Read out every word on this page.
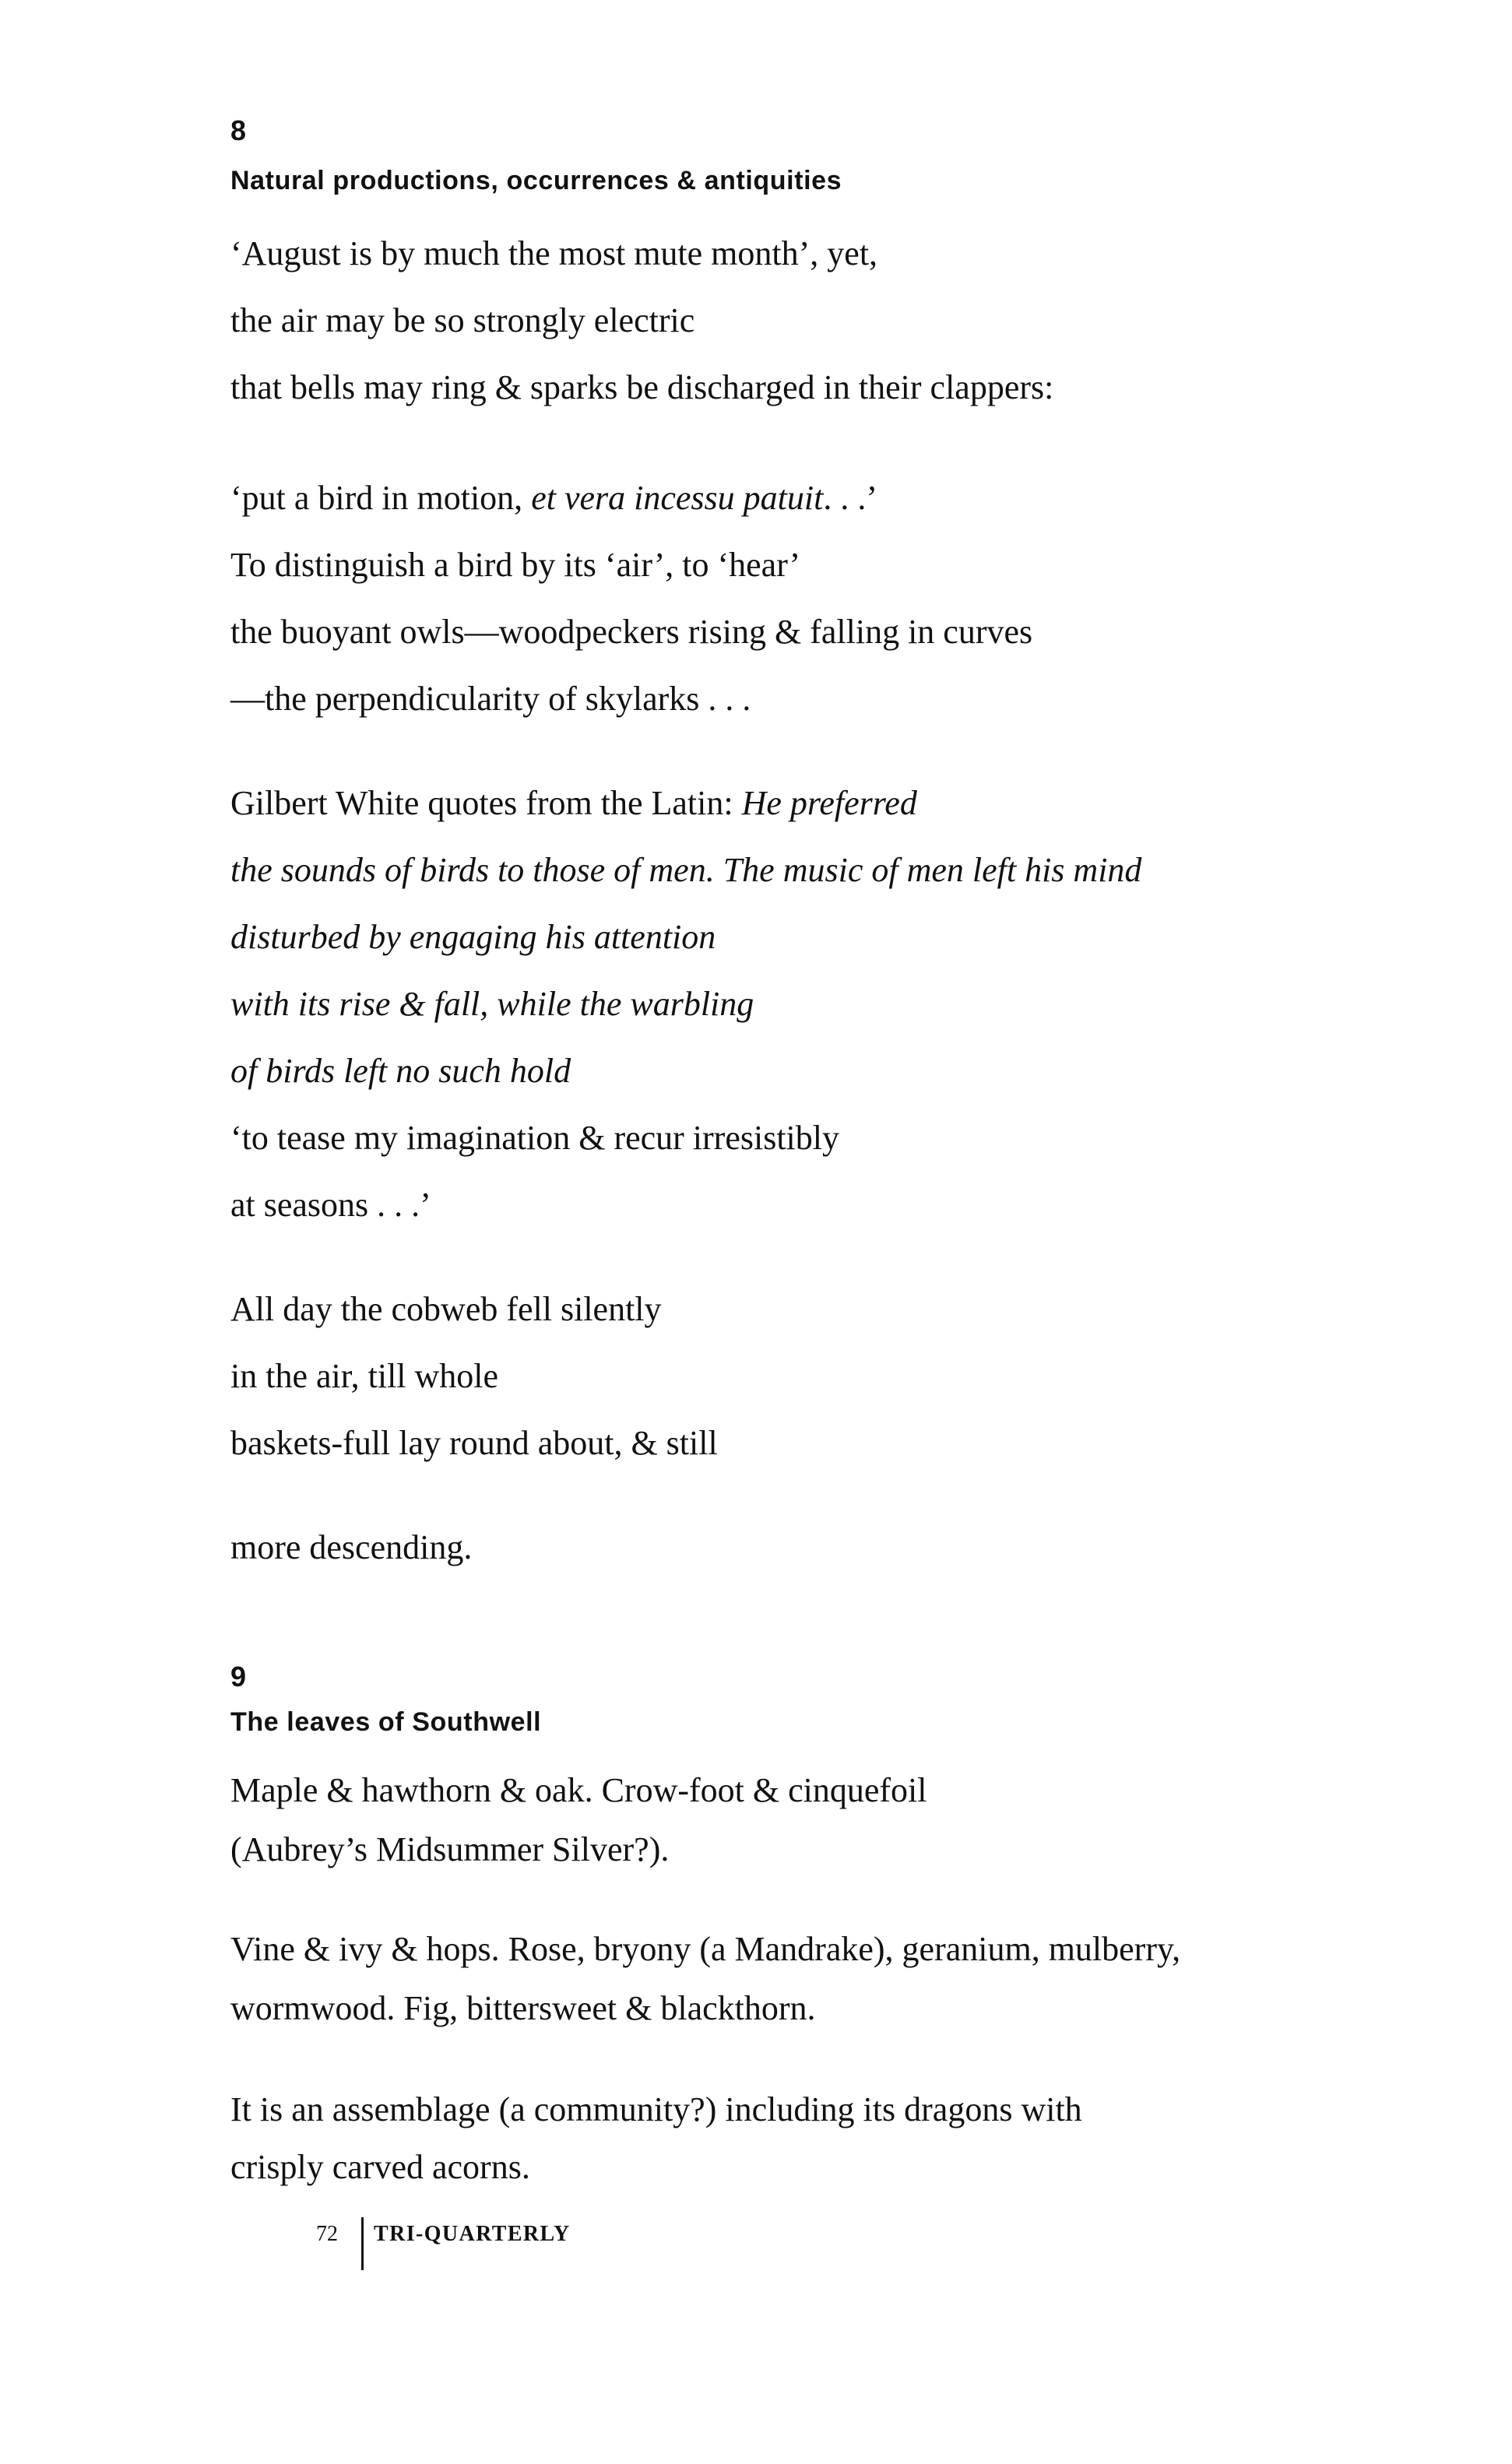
8

Natural productions, occurrences & antiquities

‘August is by much the most mute month’, yet,

the air may be so strongly electric

that bells may ring & sparks be discharged in their clappers:

‘put a bird in motion, et vera incessu patuit. . .’

To distinguish a bird by its ‘air’, to ‘hear’

the buoyant owls—woodpeckers rising & falling in curves

—the perpendicularity of skylarks . . .

Gilbert White quotes from the Latin: He preferred

the sounds of birds to those of men. The music of men left his mind

disturbed by engaging his attention

with its rise & fall, while the warbling

of birds left no such hold

‘to tease my imagination & recur irresistibly

at seasons . . .’

All day the cobweb fell silently

in the air, till whole

baskets-full lay round about, & still

more descending.

9

The leaves of Southwell

Maple & hawthorn & oak. Crow-foot & cinquefoil

(Aubrey’s Midsummer Silver?).

Vine & ivy & hops. Rose, bryony (a Mandrake), geranium, mulberry,

wormwood. Fig, bittersweet & blackthorn.

It is an assemblage (a community?) including its dragons with

crisply carved acorns.

72 TRI-QUARTERLY
